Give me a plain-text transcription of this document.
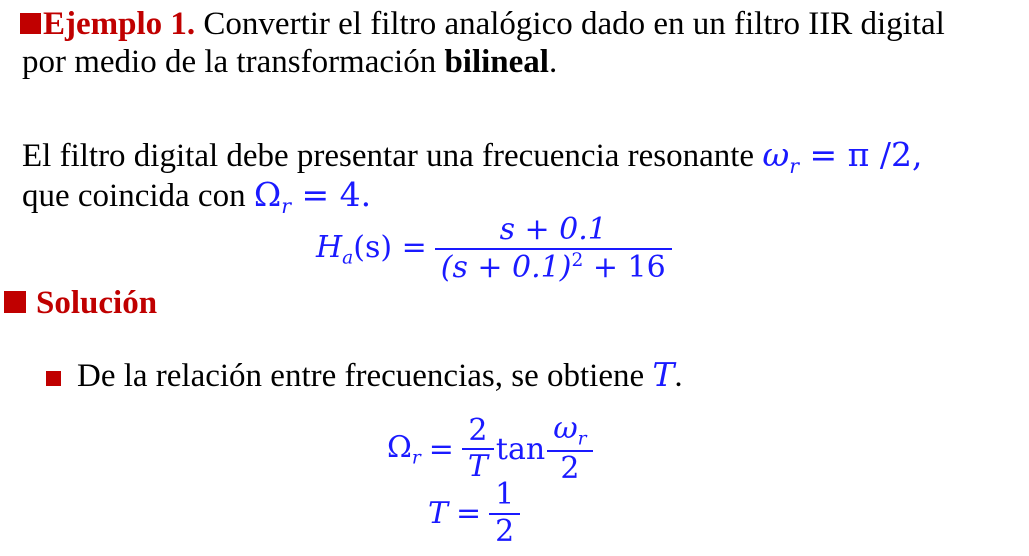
Ejemplo 1. Convertir el filtro analógico dado en un filtro IIR digital
por medio de la transformación bilineal.
El filtro digital debe presentar una frecuencia resonante $\omega_r = \pi$ /2,
que coincida con $\Omega_r = 4$.
$H_a(s) = \frac{s + 0.1}{(s + 0.1)^2 + 16}$
Solución
De la relación entre frecuencias, se obtiene T.
$\Omega_r = \frac{2}{T}$ $\tan \frac{\omega_r}{2}$
$T = \frac{1}{2}$
